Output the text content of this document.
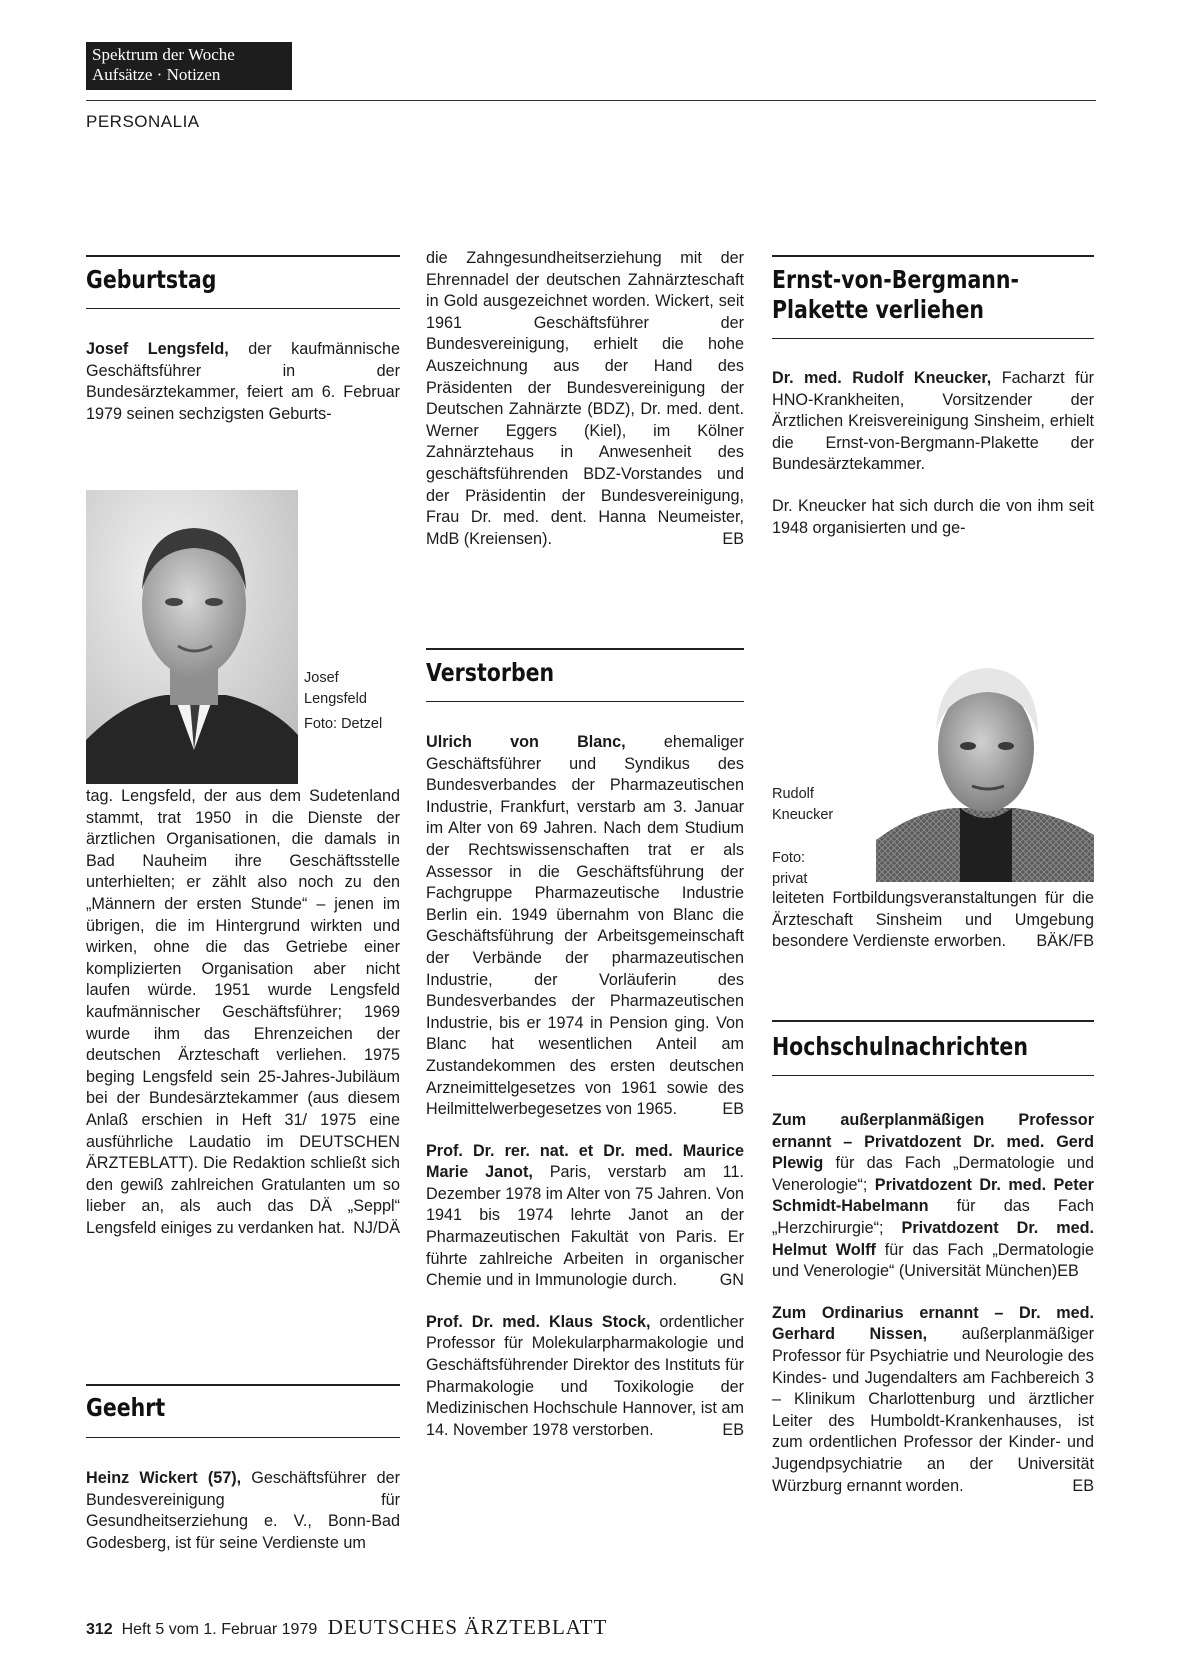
Spektrum der Woche
Aufsätze · Notizen
PERSONALIA
Geburtstag

Josef Lengsfeld, der kaufmännische Geschäftsführer in der Bundesärztekammer, feiert am 6. Februar 1979 seinen sechzigsten Geburts-

Josef Lengsfeld
Foto: Detzel

tag. Lengsfeld, der aus dem Sudetenland stammt, trat 1950 in die Dienste der ärztlichen Organisationen, die damals in Bad Nauheim ihre Geschäftsstelle unterhielten; er zählt also noch zu den „Männern der ersten Stunde“ – jenen im übrigen, die im Hintergrund wirkten und wirken, ohne die das Getriebe einer komplizierten Organisation aber nicht laufen würde. 1951 wurde Lengsfeld kaufmännischer Geschäftsführer; 1969 wurde ihm das Ehrenzeichen der deutschen Ärzteschaft verliehen. 1975 beging Lengsfeld sein 25-Jahres-Jubiläum bei der Bundesärztekammer (aus diesem Anlaß erschien in Heft 31/ 1975 eine ausführliche Laudatio im DEUTSCHEN ÄRZTEBLATT). Die Redaktion schließt sich den gewiß zahlreichen Gratulanten um so lieber an, als auch das DÄ „Seppl“ Lengsfeld einiges zu verdanken hat. NJ/DÄ

Geehrt

Heinz Wickert (57), Geschäftsführer der Bundesvereinigung für Gesundheitserziehung e. V., Bonn-Bad Godesberg, ist für seine Verdienste um

die Zahngesundheitserziehung mit der Ehrennadel der deutschen Zahnärzteschaft in Gold ausgezeichnet worden. Wickert, seit 1961 Geschäftsführer der Bundesvereinigung, erhielt die hohe Auszeichnung aus der Hand des Präsidenten der Bundesvereinigung der Deutschen Zahnärzte (BDZ), Dr. med. dent. Werner Eggers (Kiel), im Kölner Zahnärztehaus in Anwesenheit des geschäftsführenden BDZ-Vorstandes und der Präsidentin der Bundesvereinigung, Frau Dr. med. dent. Hanna Neumeister, MdB (Kreiensen).	EB

Verstorben

Ulrich von Blanc, ehemaliger Geschäftsführer und Syndikus des Bundesverbandes der Pharmazeutischen Industrie, Frankfurt, verstarb am 3. Januar im Alter von 69 Jahren. Nach dem Studium der Rechtswissenschaften trat er als Assessor in die Geschäftsführung der Fachgruppe Pharmazeutische Industrie Berlin ein. 1949 übernahm von Blanc die Geschäftsführung der Arbeitsgemeinschaft der Verbände der pharmazeutischen Industrie, der Vorläuferin des Bundesverbandes der Pharmazeutischen Industrie, bis er 1974 in Pension ging. Von Blanc hat wesentlichen Anteil am Zustandekommen des ersten deutschen Arzneimittelgesetzes von 1961 sowie des Heilmittelwerbegesetzes von 1965.	EB

Prof. Dr. rer. nat. et Dr. med. Maurice Marie Janot, Paris, verstarb am 11. Dezember 1978 im Alter von 75 Jahren. Von 1941 bis 1974 lehrte Janot an der Pharmazeutischen Fakultät von Paris. Er führte zahlreiche Arbeiten in organischer Chemie und in Immunologie durch.	GN

Prof. Dr. med. Klaus Stock, ordentlicher Professor für Molekularpharmakologie und Geschäftsführender Direktor des Instituts für Pharmakologie und Toxikologie der Medizinischen Hochschule Hannover, ist am 14. November 1978 verstorben.	EB

Ernst-von-Bergmann-
Plakette verliehen

Dr. med. Rudolf Kneucker, Facharzt für HNO-Krankheiten, Vorsitzender der Ärztlichen Kreisvereinigung Sinsheim, erhielt die Ernst-von-Bergmann-Plakette der Bundesärztekammer.

Dr. Kneucker hat sich durch die von ihm seit 1948 organisierten und ge-

Rudolf Kneucker
Foto: privat

leiteten Fortbildungsveranstaltungen für die Ärzteschaft Sinsheim und Umgebung besondere Verdienste erworben. BÄK/FB

Hochschulnachrichten

Zum außerplanmäßigen Professor ernannt – Privatdozent Dr. med. Gerd Plewig für das Fach „Dermatologie und Venerologie“; Privatdozent Dr. med. Peter Schmidt-Habelmann für das Fach „Herzchirurgie“; Privatdozent Dr. med. Helmut Wolff für das Fach „Dermatologie und Venerologie“ (Universität München)EB

Zum Ordinarius ernannt – Dr. med. Gerhard Nissen, außerplanmäßiger Professor für Psychiatrie und Neurologie des Kindes- und Jugendalters am Fachbereich 3 – Klinikum Charlottenburg und ärztlicher Leiter des Humboldt-Krankenhauses, ist zum ordentlichen Professor der Kinder- und Jugendpsychiatrie an der Universität Würzburg ernannt worden.	EB

312 Heft 5 vom 1. Februar 1979 DEUTSCHES ÄRZTEBLATT
